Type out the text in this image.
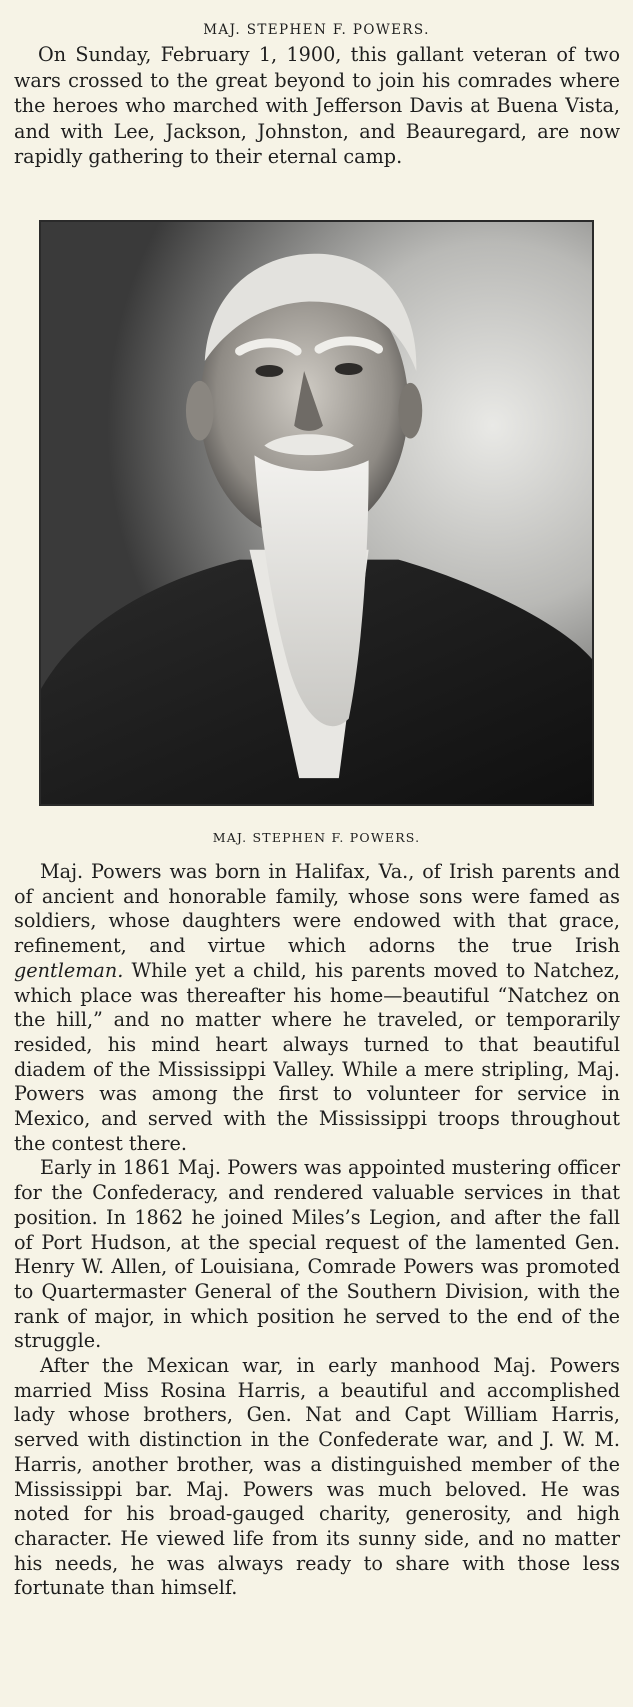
MAJ. STEPHEN F. POWERS.
On Sunday, February 1, 1900, this gallant veteran of two wars crossed to the great beyond to join his comrades where the heroes who marched with Jefferson Davis at Buena Vista, and with Lee, Jackson, Johnston, and Beauregard, are now rapidly gathering to their eternal camp.
MAJ. STEPHEN F. POWERS.

Maj. Powers was born in Halifax, Va., of Irish parents and of ancient and honorable family, whose sons were famed as soldiers, whose daughters were endowed with that grace, refinement, and virtue which adorns the true Irish gentleman. While yet a child, his parents moved to Natchez, which place was thereafter his home—beautiful “Natchez on the hill,” and no matter where he traveled, or temporarily resided, his mind heart always turned to that beautiful diadem of the Mississippi Valley. While a mere stripling, Maj. Powers was among the first to volunteer for service in Mexico, and served with the Mississippi troops throughout the contest there.

Early in 1861 Maj. Powers was appointed mustering officer for the Confederacy, and rendered valuable services in that position. In 1862 he joined Miles’s Legion, and after the fall of Port Hudson, at the special request of the lamented Gen. Henry W. Allen, of Louisiana, Comrade Powers was promoted to Quartermaster General of the Southern Division, with the rank of major, in which position he served to the end of the struggle.

After the Mexican war, in early manhood Maj. Powers married Miss Rosina Harris, a beautiful and accomplished lady whose brothers, Gen. Nat and Capt William Harris, served with distinction in the Confederate war, and J. W. M. Harris, another brother, was a distinguished member of the Mississippi bar. Maj. Powers was much beloved. He was noted for his broad-gauged charity, generosity, and high character. He viewed life from its sunny side, and no matter his needs, he was always ready to share with those less fortunate than himself.
